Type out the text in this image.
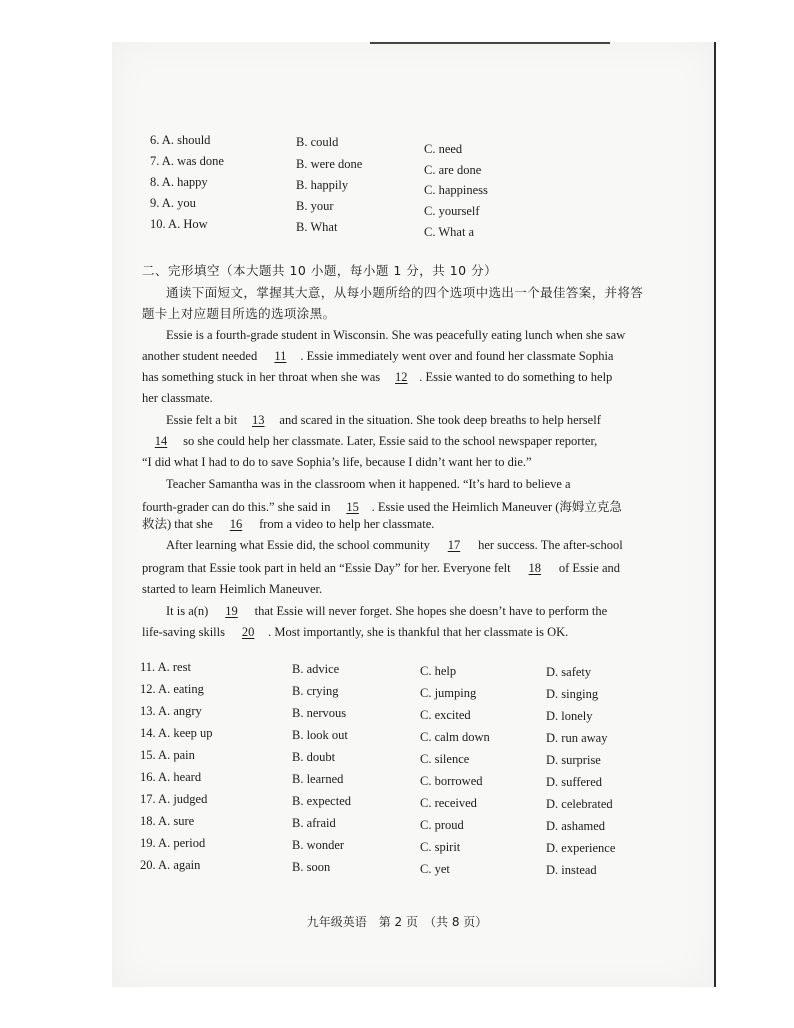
6. A. should	B. could	C. need
7. A. was done	B. were done	C. are done
8. A. happy	B. happily	C. happiness
9. A. you	B. your	C. yourself
10. A. How	B. What	C. What a
二、完形填空（本大题共 10 小题，每小题 1 分，共 10 分）
通读下面短文，掌握其大意，从每小题所给的四个选项中选出一个最佳答案，并将答
题卡上对应题目所选的选项涂黑。
Essie is a fourth-grade student in Wisconsin. She was peacefully eating lunch when she saw
another student needed 11 . Essie immediately went over and found her classmate Sophia
has something stuck in her throat when she was 12 . Essie wanted to do something to help
her classmate.
Essie felt a bit 13 and scared in the situation. She took deep breaths to help herself
14 so she could help her classmate. Later, Essie said to the school newspaper reporter,
“I did what I had to do to save Sophia’s life, because I didn’t want her to die.”
Teacher Samantha was in the classroom when it happened. “It’s hard to believe a
fourth-grader can do this.” she said in 15 . Essie used the Heimlich Maneuver (海姆立克急
救法) that she 16 from a video to help her classmate.
After learning what Essie did, the school community 17 her success. The after-school
program that Essie took part in held an “Essie Day” for her. Everyone felt 18 of Essie and
started to learn Heimlich Maneuver.
It is a(n) 19 that Essie will never forget. She hopes she doesn’t have to perform the
life-saving skills 20 . Most importantly, she is thankful that her classmate is OK.
11. A. rest	B. advice	C. help	D. safety
12. A. eating	B. crying	C. jumping	D. singing
13. A. angry	B. nervous	C. excited	D. lonely
14. A. keep up	B. look out	C. calm down	D. run away
15. A. pain	B. doubt	C. silence	D. surprise
16. A. heard	B. learned	C. borrowed	D. suffered
17. A. judged	B. expected	C. received	D. celebrated
18. A. sure	B. afraid	C. proud	D. ashamed
19. A. period	B. wonder	C. spirit	D. experience
20. A. again	B. soon	C. yet	D. instead
九年级英语　第 2 页　（共 8 页）
